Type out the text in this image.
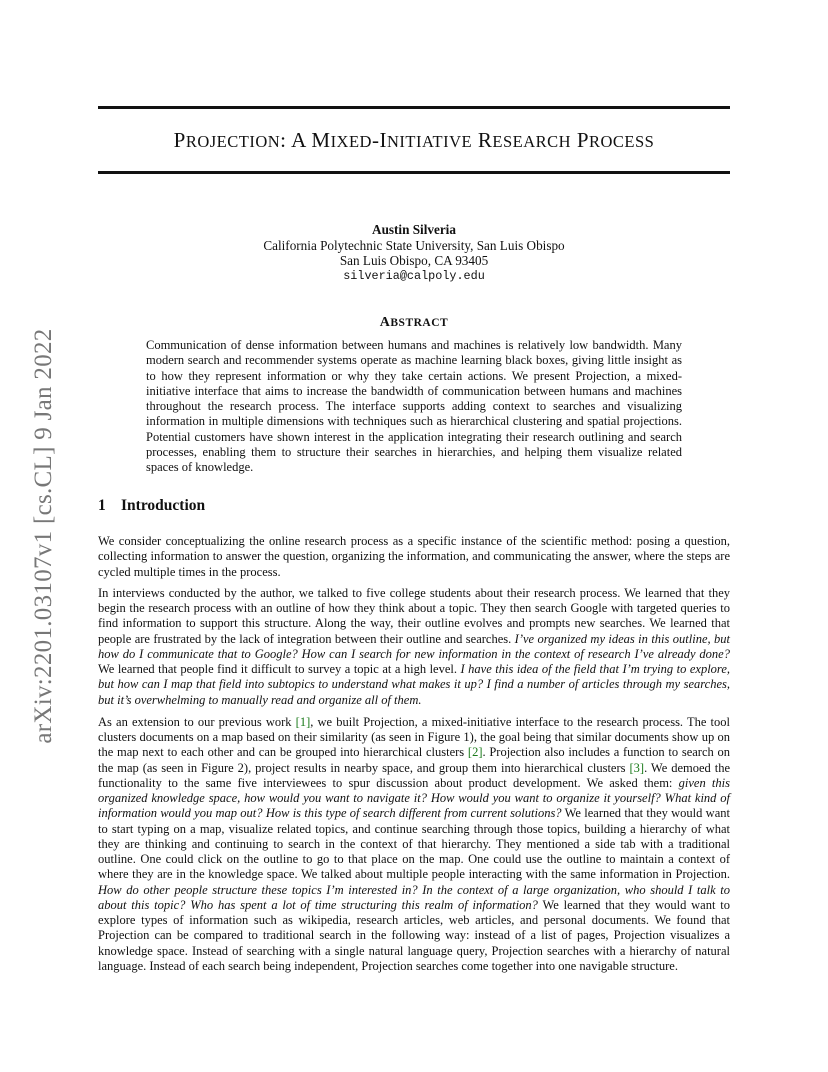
arXiv:2201.03107v1 [cs.CL] 9 Jan 2022
PROJECTION: A MIXED-INITIATIVE RESEARCH PROCESS
Austin Silveria
California Polytechnic State University, San Luis Obispo
San Luis Obispo, CA 93405
silveria@calpoly.edu
ABSTRACT
Communication of dense information between humans and machines is relatively low bandwidth. Many modern search and recommender systems operate as machine learning black boxes, giving little insight as to how they represent information or why they take certain actions. We present Projection, a mixed-initiative interface that aims to increase the bandwidth of communication between humans and machines throughout the research process. The interface supports adding context to searches and visualizing information in multiple dimensions with techniques such as hierarchical clustering and spatial projections. Potential customers have shown interest in the application integrating their research outlining and search processes, enabling them to structure their searches in hierarchies, and helping them visualize related spaces of knowledge.
1 Introduction

We consider conceptualizing the online research process as a specific instance of the scientific method: posing a question, collecting information to answer the question, organizing the information, and communicating the answer, where the steps are cycled multiple times in the process.

In interviews conducted by the author, we talked to five college students about their research process. We learned that they begin the research process with an outline of how they think about a topic. They then search Google with targeted queries to find information to support this structure. Along the way, their outline evolves and prompts new searches. We learned that people are frustrated by the lack of integration between their outline and searches. I’ve organized my ideas in this outline, but how do I communicate that to Google? How can I search for new information in the context of research I’ve already done? We learned that people find it difficult to survey a topic at a high level. I have this idea of the field that I’m trying to explore, but how can I map that field into subtopics to understand what makes it up? I find a number of articles through my searches, but it’s overwhelming to manually read and organize all of them.

As an extension to our previous work [1], we built Projection, a mixed-initiative interface to the research process. The tool clusters documents on a map based on their similarity (as seen in Figure 1), the goal being that similar documents show up on the map next to each other and can be grouped into hierarchical clusters [2]. Projection also includes a function to search on the map (as seen in Figure 2), project results in nearby space, and group them into hierarchical clusters [3]. We demoed the functionality to the same five interviewees to spur discussion about product development. We asked them: given this organized knowledge space, how would you want to navigate it? How would you want to organize it yourself? What kind of information would you map out? How is this type of search different from current solutions? We learned that they would want to start typing on a map, visualize related topics, and continue searching through those topics, building a hierarchy of what they are thinking and continuing to search in the context of that hierarchy. They mentioned a side tab with a traditional outline. One could click on the outline to go to that place on the map. One could use the outline to maintain a context of where they are in the knowledge space. We talked about multiple people interacting with the same information in Projection. How do other people structure these topics I’m interested in? In the context of a large organization, who should I talk to about this topic? Who has spent a lot of time structuring this realm of information? We learned that they would want to explore types of information such as wikipedia, research articles, web articles, and personal documents. We found that Projection can be compared to traditional search in the following way: instead of a list of pages, Projection visualizes a knowledge space. Instead of searching with a single natural language query, Projection searches with a hierarchy of natural language. Instead of each search being independent, Projection searches come together into one navigable structure.
